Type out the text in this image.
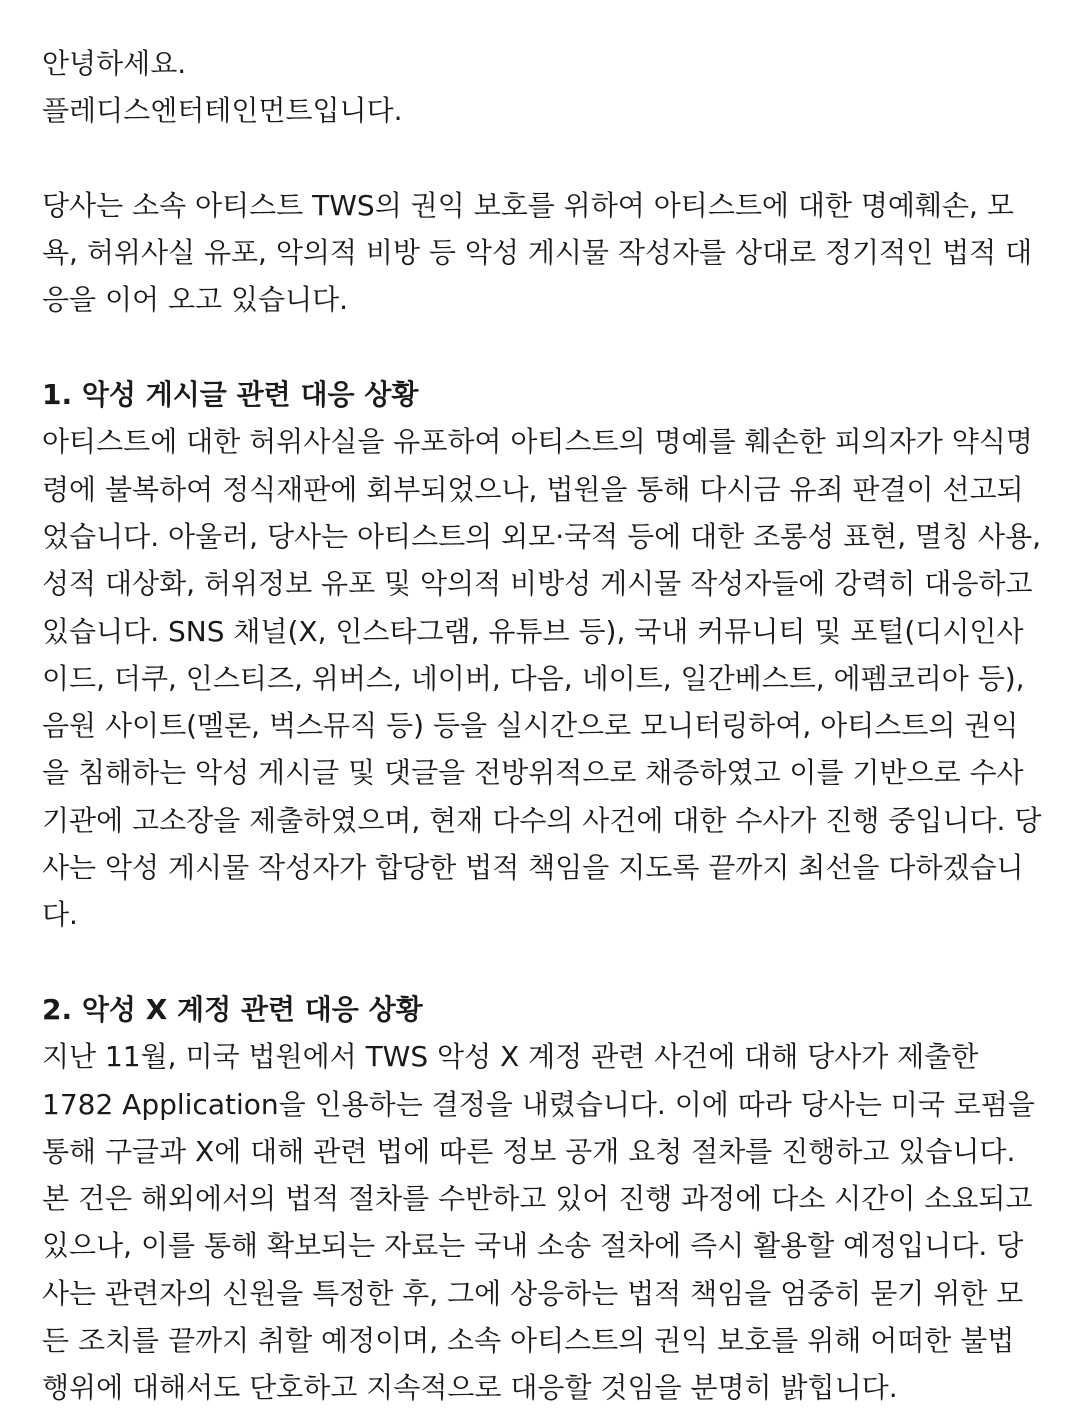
안녕하세요.
플레디스엔터테인먼트입니다.
당사는 소속 아티스트 TWS의 권익 보호를 위하여 아티스트에 대한 명예훼손, 모
욕, 허위사실 유포, 악의적 비방 등 악성 게시물 작성자를 상대로 정기적인 법적 대
응을 이어 오고 있습니다.
1. 악성 게시글 관련 대응 상황
아티스트에 대한 허위사실을 유포하여 아티스트의 명예를 훼손한 피의자가 약식명
령에 불복하여 정식재판에 회부되었으나, 법원을 통해 다시금 유죄 판결이 선고되
었습니다. 아울러, 당사는 아티스트의 외모·국적 등에 대한 조롱성 표현, 멸칭 사용,
성적 대상화, 허위정보 유포 및 악의적 비방성 게시물 작성자들에 강력히 대응하고
있습니다. SNS 채널(X, 인스타그램, 유튜브 등), 국내 커뮤니티 및 포털(디시인사
이드, 더쿠, 인스티즈, 위버스, 네이버, 다음, 네이트, 일간베스트, 에펨코리아 등),
음원 사이트(멜론, 벅스뮤직 등) 등을 실시간으로 모니터링하여, 아티스트의 권익
을 침해하는 악성 게시글 및 댓글을 전방위적으로 채증하였고 이를 기반으로 수사
기관에 고소장을 제출하였으며, 현재 다수의 사건에 대한 수사가 진행 중입니다. 당
사는 악성 게시물 작성자가 합당한 법적 책임을 지도록 끝까지 최선을 다하겠습니
다.
2. 악성 X 계정 관련 대응 상황
지난 11월, 미국 법원에서 TWS 악성 X 계정 관련 사건에 대해 당사가 제출한
1782 Application을 인용하는 결정을 내렸습니다. 이에 따라 당사는 미국 로펌을
통해 구글과 X에 대해 관련 법에 따른 정보 공개 요청 절차를 진행하고 있습니다.
본 건은 해외에서의 법적 절차를 수반하고 있어 진행 과정에 다소 시간이 소요되고
있으나, 이를 통해 확보되는 자료는 국내 소송 절차에 즉시 활용할 예정입니다. 당
사는 관련자의 신원을 특정한 후, 그에 상응하는 법적 책임을 엄중히 묻기 위한 모
든 조치를 끝까지 취할 예정이며, 소속 아티스트의 권익 보호를 위해 어떠한 불법
행위에 대해서도 단호하고 지속적으로 대응할 것임을 분명히 밝힙니다.
